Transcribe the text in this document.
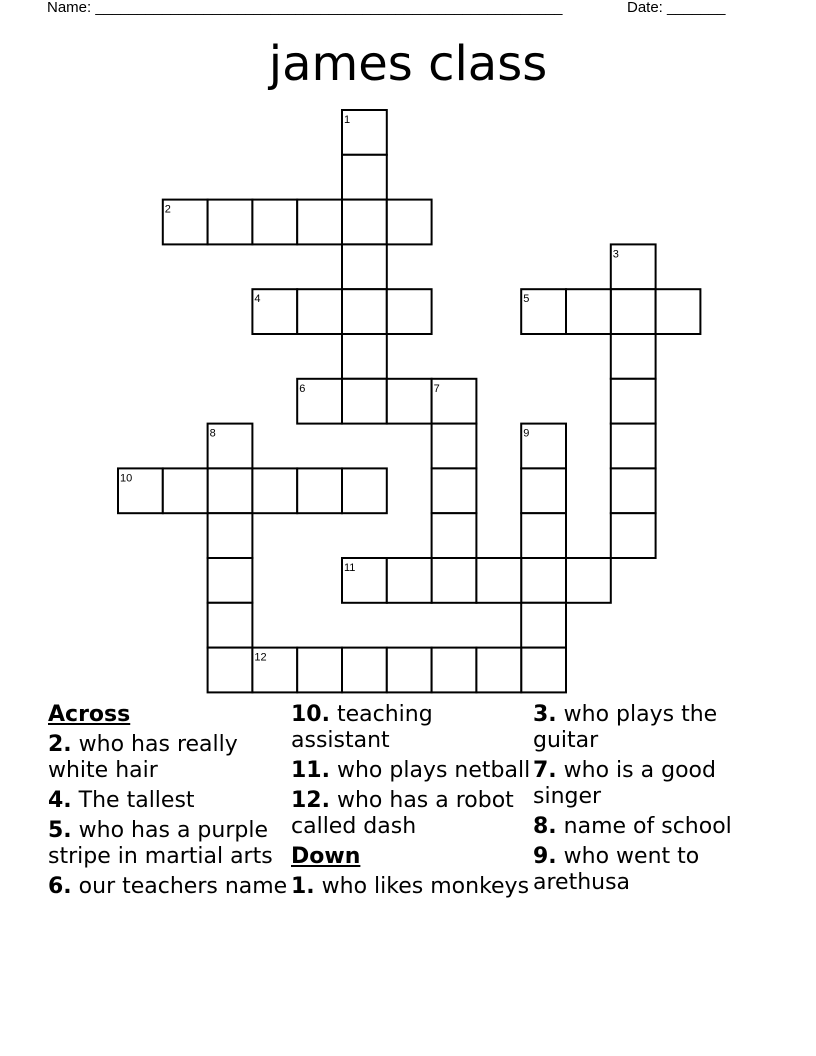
Name: ________________________________________________________	Date: _______
james class
1
2
3
4	5
6	7
8	9
10
11
12
Across
2. who has really white hair
4. The tallest
5. who has a purple stripe in martial arts
6. our teachers name
10. teaching assistant
11. who plays netball
12. who has a robot called dash
Down
1. who likes monkeys
3. who plays the guitar
7. who is a good singer
8. name of school
9. who went to arethusa
